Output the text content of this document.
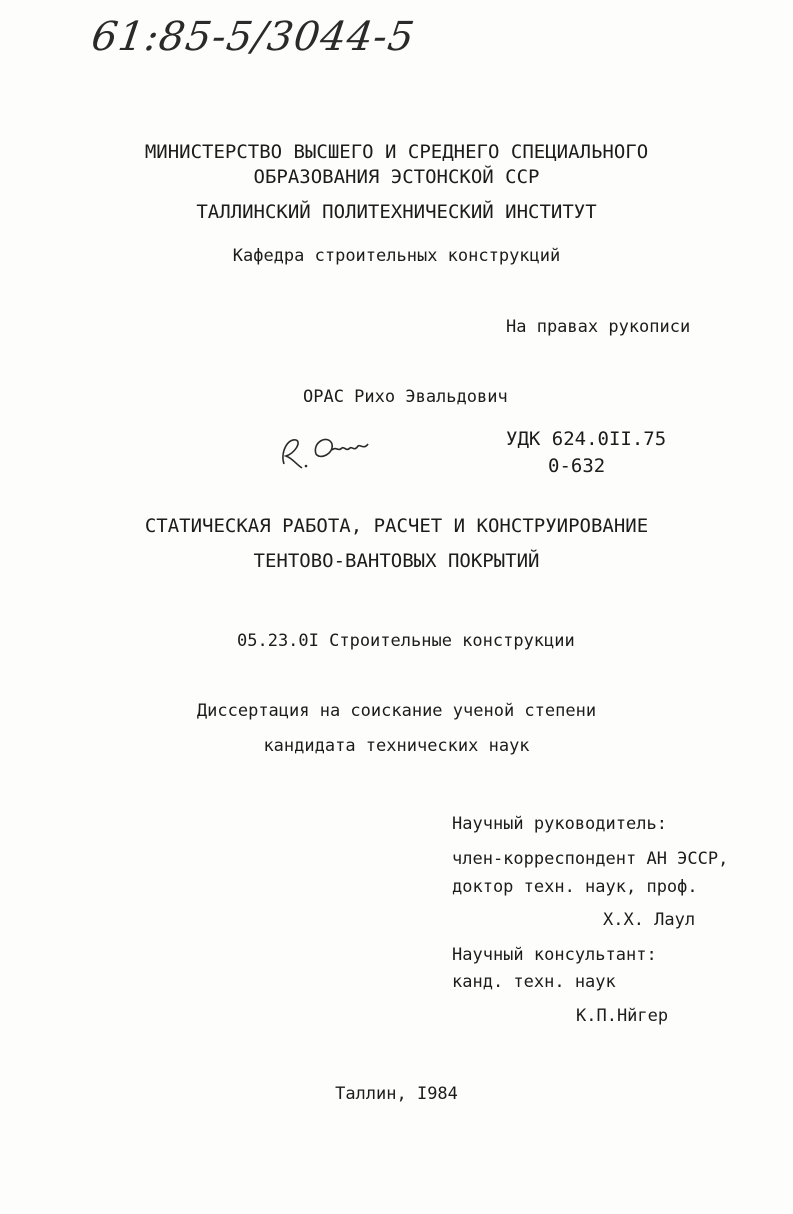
61:85-5/3044-5
МИНИСТЕРСТВО ВЫСШЕГО И СРЕДНЕГО СПЕЦИАЛЬНОГО
ОБРАЗОВАНИЯ ЭСТОНСКОЙ ССР
ТАЛЛИНСКИЙ ПОЛИТЕХНИЧЕСКИЙ ИНСТИТУТ
Кафедра строительных конструкций
На правах рукописи
ОРАС Рихо Эвальдович
УДК 624.0II.75
0-632
СТАТИЧЕСКАЯ РАБОТА, РАСЧЕТ И КОНСТРУИРОВАНИЕ
ТЕНТОВО-ВАНТОВЫХ ПОКРЫТИЙ
05.23.0I Строительные конструкции
Диссертация на соискание ученой степени
кандидата технических наук
Научный руководитель:
член-корреспондент АН ЭССР,
доктор техн. наук, проф.
Х.Х. Лаул
Научный консультант:
канд. техн. наук
К.П.Нйгер
Таллин, I984
